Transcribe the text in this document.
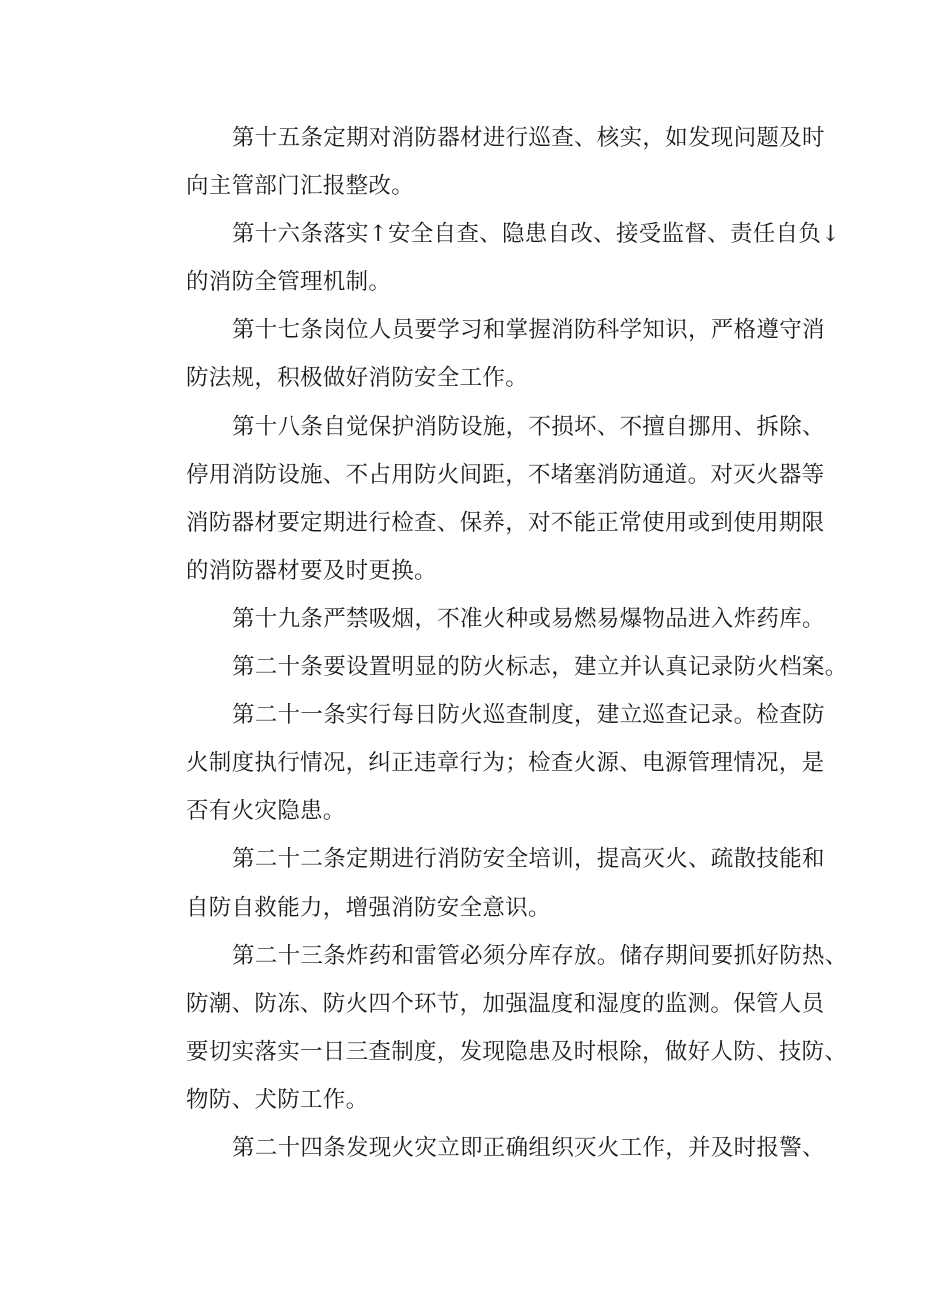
第十五条定期对消防器材进行巡查、核实，如发现问题及时
向主管部门汇报整改。
第十六条落实↑安全自查、隐患自改、接受监督、责任自负↓
的消防全管理机制。
第十七条岗位人员要学习和掌握消防科学知识，严格遵守消
防法规，积极做好消防安全工作。
第十八条自觉保护消防设施，不损坏、不擅自挪用、拆除、
停用消防设施、不占用防火间距，不堵塞消防通道。对灭火器等
消防器材要定期进行检查、保养，对不能正常使用或到使用期限
的消防器材要及时更换。
第十九条严禁吸烟，不准火种或易燃易爆物品进入炸药库。
第二十条要设置明显的防火标志，建立并认真记录防火档案。
第二十一条实行每日防火巡查制度，建立巡查记录。检查防
火制度执行情况，纠正违章行为；检查火源、电源管理情况，是
否有火灾隐患。
第二十二条定期进行消防安全培训，提高灭火、疏散技能和
自防自救能力，增强消防安全意识。
第二十三条炸药和雷管必须分库存放。储存期间要抓好防热、
防潮、防冻、防火四个环节，加强温度和湿度的监测。保管人员
要切实落实一日三查制度，发现隐患及时根除，做好人防、技防、
物防、犬防工作。
第二十四条发现火灾立即正确组织灭火工作，并及时报警、
